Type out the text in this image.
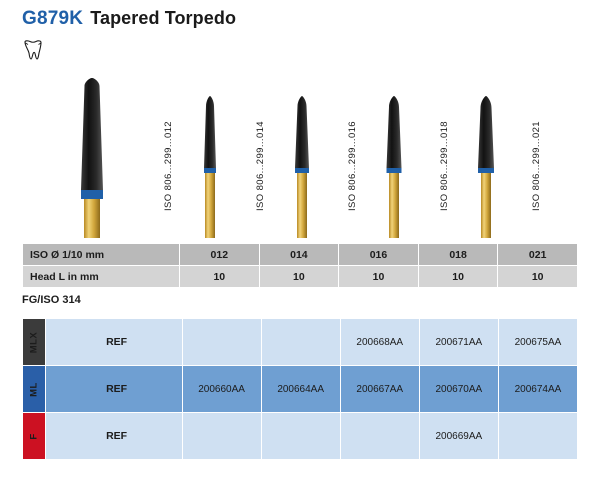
G879K Tapered Torpedo
ISO 806...299...012	ISO 806...299...014	ISO 806...299...016	ISO 806...299...018	ISO 806...299...021
ISO Ø 1/10 mm	012	014	016	018	021
Head L in mm	10	10	10	10	10
FG/ISO 314
MLX	REF			200668AA	200671AA	200675AA

ML	REF	200660AA	200664AA	200667AA	200670AA	200674AA

F	REF				200669AA	
